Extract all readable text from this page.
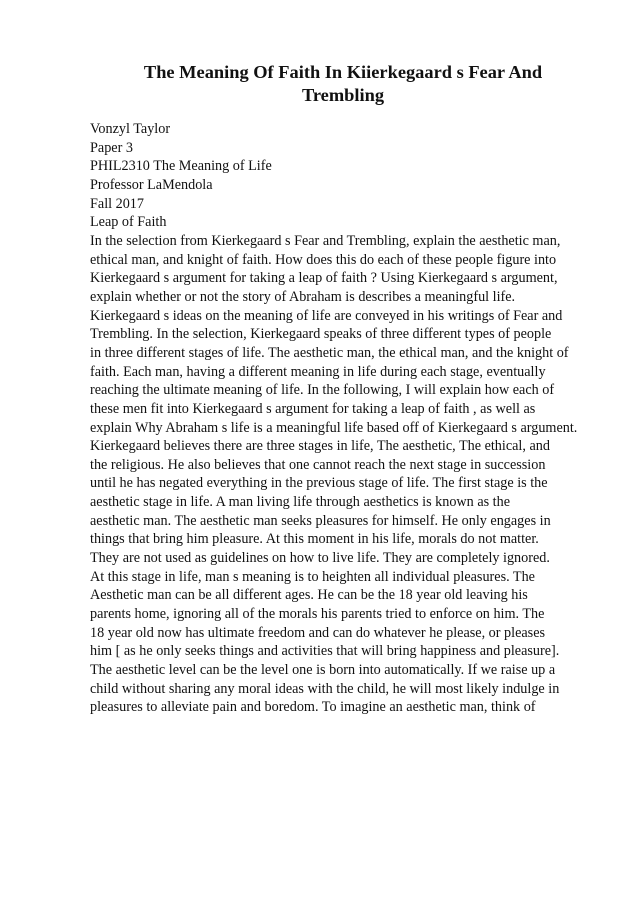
The Meaning Of Faith In Kiierkegaard s Fear And
Trembling
Vonzyl Taylor
Paper 3
PHIL2310 The Meaning of Life
Professor LaMendola
Fall 2017
Leap of Faith
In the selection from Kierkegaard s Fear and Trembling, explain the aesthetic man,
ethical man, and knight of faith. How does this do each of these people figure into
Kierkegaard s argument for taking a leap of faith ? Using Kierkegaard s argument,
explain whether or not the story of Abraham is describes a meaningful life.
Kierkegaard s ideas on the meaning of life are conveyed in his writings of Fear and
Trembling. In the selection, Kierkegaard speaks of three different types of people
in three different stages of life. The aesthetic man, the ethical man, and the knight of
faith. Each man, having a different meaning in life during each stage, eventually
reaching the ultimate meaning of life. In the following, I will explain how each of
these men fit into Kierkegaard s argument for taking a leap of faith , as well as
explain Why Abraham s life is a meaningful life based off of Kierkegaard s argument.
Kierkegaard believes there are three stages in life, The aesthetic, The ethical, and
the religious. He also believes that one cannot reach the next stage in succession
until he has negated everything in the previous stage of life. The first stage is the
aesthetic stage in life. A man living life through aesthetics is known as the
aesthetic man. The aesthetic man seeks pleasures for himself. He only engages in
things that bring him pleasure. At this moment in his life, morals do not matter.
They are not used as guidelines on how to live life. They are completely ignored.
At this stage in life, man s meaning is to heighten all individual pleasures. The
Aesthetic man can be all different ages. He can be the 18 year old leaving his
parents home, ignoring all of the morals his parents tried to enforce on him. The
18 year old now has ultimate freedom and can do whatever he please, or pleases
him [ as he only seeks things and activities that will bring happiness and pleasure].
The aesthetic level can be the level one is born into automatically. If we raise up a
child without sharing any moral ideas with the child, he will most likely indulge in
pleasures to alleviate pain and boredom. To imagine an aesthetic man, think of
